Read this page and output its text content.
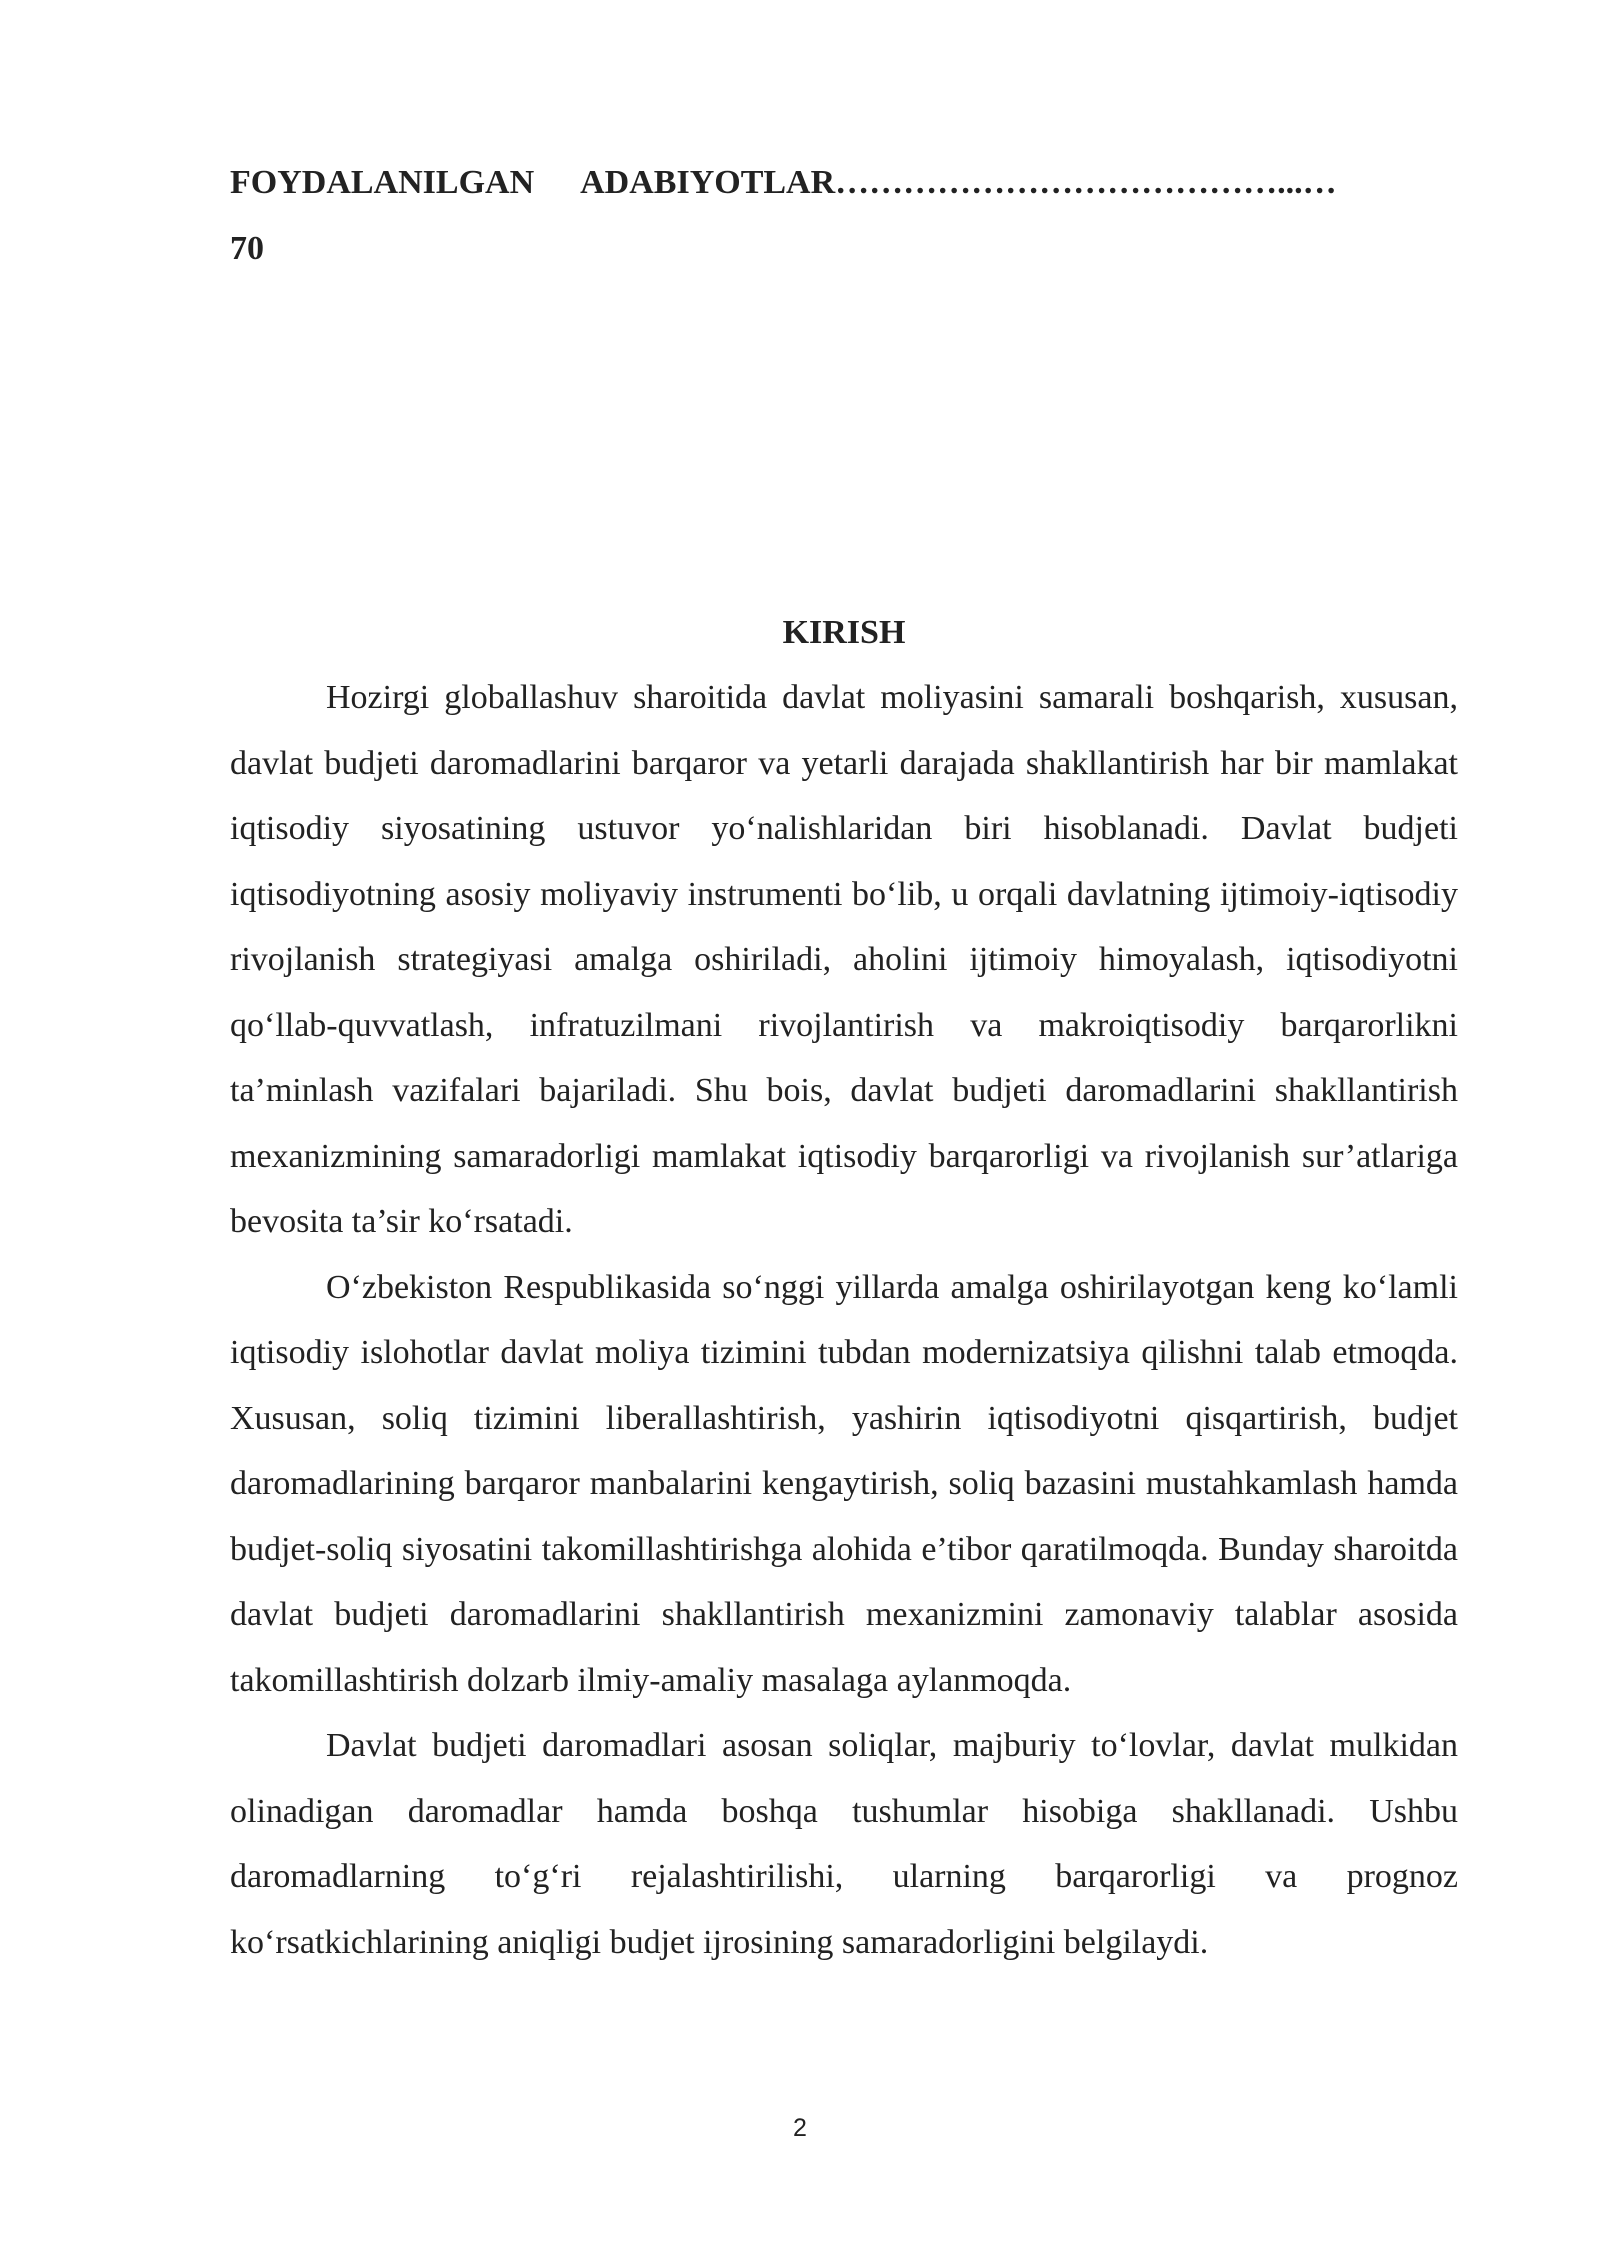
FOYDALANILGAN ADABIYOTLAR…………………………………...…
70
KIRISH

Hozirgi globallashuv sharoitida davlat moliyasini samarali boshqarish, xususan, davlat budjeti daromadlarini barqaror va yetarli darajada shakllantirish har bir mamlakat iqtisodiy siyosatining ustuvor yo‘nalishlaridan biri hisoblanadi. Davlat budjeti iqtisodiyotning asosiy moliyaviy instrumenti bo‘lib, u orqali davlatning ijtimoiy-iqtisodiy rivojlanish strategiyasi amalga oshiriladi, aholini ijtimoiy himoyalash, iqtisodiyotni qo‘llab-quvvatlash, infratuzilmani rivojlantirish va makroiqtisodiy barqarorlikni ta’minlash vazifalari bajariladi. Shu bois, davlat budjeti daromadlarini shakllantirish mexanizmining samaradorligi mamlakat iqtisodiy barqarorligi va rivojlanish sur’atlariga bevosita ta’sir ko‘rsatadi.

O‘zbekiston Respublikasida so‘nggi yillarda amalga oshirilayotgan keng ko‘lamli iqtisodiy islohotlar davlat moliya tizimini tubdan modernizatsiya qilishni talab etmoqda. Xususan, soliq tizimini liberallashtirish, yashirin iqtisodiyotni qisqartirish, budjet daromadlarining barqaror manbalarini kengaytirish, soliq bazasini mustahkamlash hamda budjet-soliq siyosatini takomillashtirishga alohida e’tibor qaratilmoqda. Bunday sharoitda davlat budjeti daromadlarini shakllantirish mexanizmini zamonaviy talablar asosida takomillashtirish dolzarb ilmiy-amaliy masalaga aylanmoqda.

Davlat budjeti daromadlari asosan soliqlar, majburiy to‘lovlar, davlat mulkidan olinadigan daromadlar hamda boshqa tushumlar hisobiga shakllanadi. Ushbu daromadlarning to‘g‘ri rejalashtirilishi, ularning barqarorligi va prognoz ko‘rsatkichlarining aniqligi budjet ijrosining samaradorligini belgilaydi.

2
